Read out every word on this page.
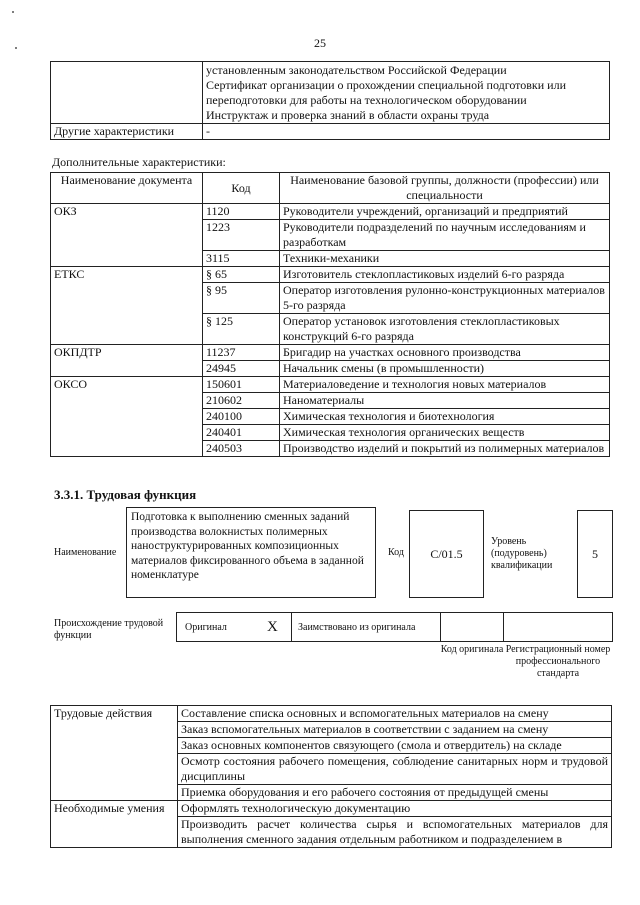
25

	установленным законодательством Российской Федерации
Сертификат организации о прохождении специальной подготовки или
переподготовки для работы на технологическом оборудовании
Инструктаж и проверка знаний в области охраны труда

Другие характеристики	-
Дополнительные характеристики:
Наименование документа	Код	Наименование базовой группы, должности (профессии) или специальности
ОКЗ	1120	Руководители учреждений, организаций и предприятий
	1223	Руководители подразделений по научным исследованиям и разработкам
	3115	Техники-механики
ЕТКС	§ 65	Изготовитель стеклопластиковых изделий 6-го разряда
	§ 95	Оператор изготовления рулонно-конструкционных материалов 5-го разряда
	§ 125	Оператор установок изготовления стеклопластиковых конструкций 6-го разряда
ОКПДТР	11237	Бригадир на участках основного производства
	24945	Начальник смены (в промышленности)
ОКСО	150601	Материаловедение и технология новых материалов
	210602	Наноматериалы
	240100	Химическая технология и биотехнология
	240401	Химическая технология органических веществ
	240503	Производство изделий и покрытий из полимерных материалов
3.3.1. Трудовая функция
Наименование
Подготовка к выполнению сменных заданий производства волокнистых полимерных наноструктурированных композиционных материалов фиксированного объема в заданной номенклатуре
Код С/01.5
Уровень (подуровень) квалификации
5
Происхождение трудовой функции
Оригинал	X Заимствовано из оригинала
Код оригинала Регистрационный номер профессионального стандарта
Трудовые действия	Составление списка основных и вспомогательных материалов на смену
	Заказ вспомогательных материалов в соответствии с заданием на смену
	Заказ основных компонентов связующего (смола и отвердитель) на складе
	Осмотр состояния рабочего помещения, соблюдение санитарных норм и трудовой дисциплины
	Приемка оборудования и его рабочего состояния от предыдущей смены
Необходимые умения	Оформлять технологическую документацию
	Производить расчет количества сырья и вспомогательных материалов для выполнения сменного задания отдельным работником и подразделением в
